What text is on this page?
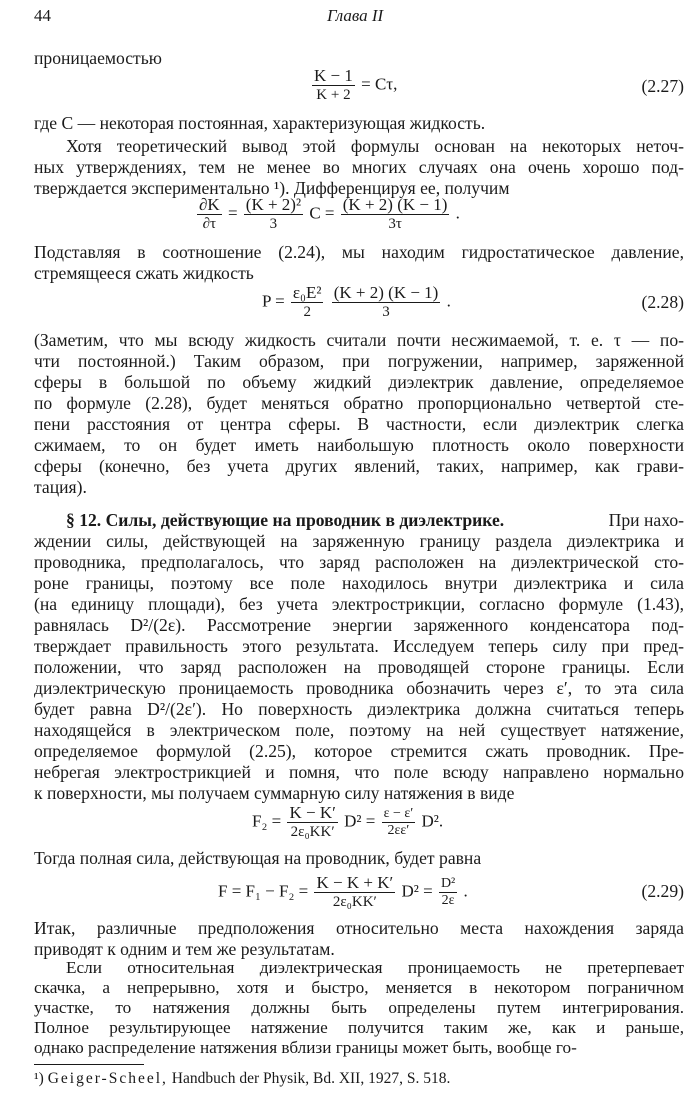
44	Глава II
проницаемостью
$\frac{K - 1}{K + 2} = C\tau$,	(2.27)
где C — некоторая постоянная, характеризующая жидкость.
Хотя теоретический вывод этой формулы основан на некоторых неточ-
ных утверждениях, тем не менее во многих случаях она очень хорошо под-
тверждается экспериментально ¹). Дифференцируя ее, получим
$\frac{\partial K}{\partial\tau} = \frac{\text{(K + 2)²}}{3}$ $C = \frac{(K + 2) (K - 1)}{3\tau}$ .
Подставляя в соотношение (2.24), мы находим гидростатическое давление,
стремящееся сжать жидкость
$P = \frac{\text{ε₀E²}}{2}$
$\frac{(K + 2) (K - 1)}{3}$ .	(2.28)
(Заметим, что мы всюду жидкость считали почти несжимаемой, т. е. τ — по-
чти постоянной.) Таким образом, при погружении, например, заряженной
сферы в большой по объему жидкий диэлектрик давление, определяемое
по формуле (2.28), будет меняться обратно пропорционально четвертой сте-
пени расстояния от центра сферы. В частности, если диэлектрик слегка
сжимаем, то он будет иметь наибольшую плотность около поверхности
сферы (конечно, без учета других явлений, таких, например, как грави-
тация).
§ 12. Силы, действующие на проводник в диэлектрике.	При нахо-
ждении силы, действующей на заряженную границу раздела диэлектрика и
проводника, предполагалось, что заряд расположен на диэлектрической сто-
роне границы, поэтому все поле находилось внутри диэлектрика и сила
(на единицу площади), без учета электрострикции, согласно формуле (1.43),
равнялась D²/(2ε). Рассмотрение энергии заряженного конденсатора под-
тверждает правильность этого результата. Исследуем теперь силу при пред-
положении, что заряд расположен на проводящей стороне границы. Если
диэлектрическую проницаемость проводника обозначить через ε′, то эта сила
будет равна D²/(2ε′). Но поверхность диэлектрика должна считаться теперь
находящейся в электрическом поле, поэтому на ней существует натяжение,
определяемое формулой (2.25), которое стремится сжать проводник. Пре-
небрегая электрострикцией и помня, что поле всюду направлено нормально
к поверхности, мы получаем суммарную силу натяжения в виде
$F_2 = \frac{K - K'}{\text{2ε₀KK′}} D^2 = \frac{\varepsilon - \varepsilon'}{2\varepsilon\varepsilon'} D^2$.
Тогда полная сила, действующая на проводник, будет равна
$F = F_1 - F_2 = \frac{K - K + K'}{\text{2ε₀KK′}} D^2 = \frac{\text{D²}}{2\varepsilon}$ .	(2.29)
Итак, различные предположения относительно места нахождения заряда
приводят к одним и тем же результатам.
¹) Geiger-Scheel, Handbuch der Physik, Bd. XII, 1927, S. 518.
Если относительная диэлектрическая проницаемость не претерпевает
скачка, а непрерывно, хотя и быстро, меняется в некотором пограничном
участке, то натяжения должны быть определены путем интегрирования.
Полное результирующее натяжение получится таким же, как и раньше,
однако распределение натяжения вблизи границы может быть, вообще го-
